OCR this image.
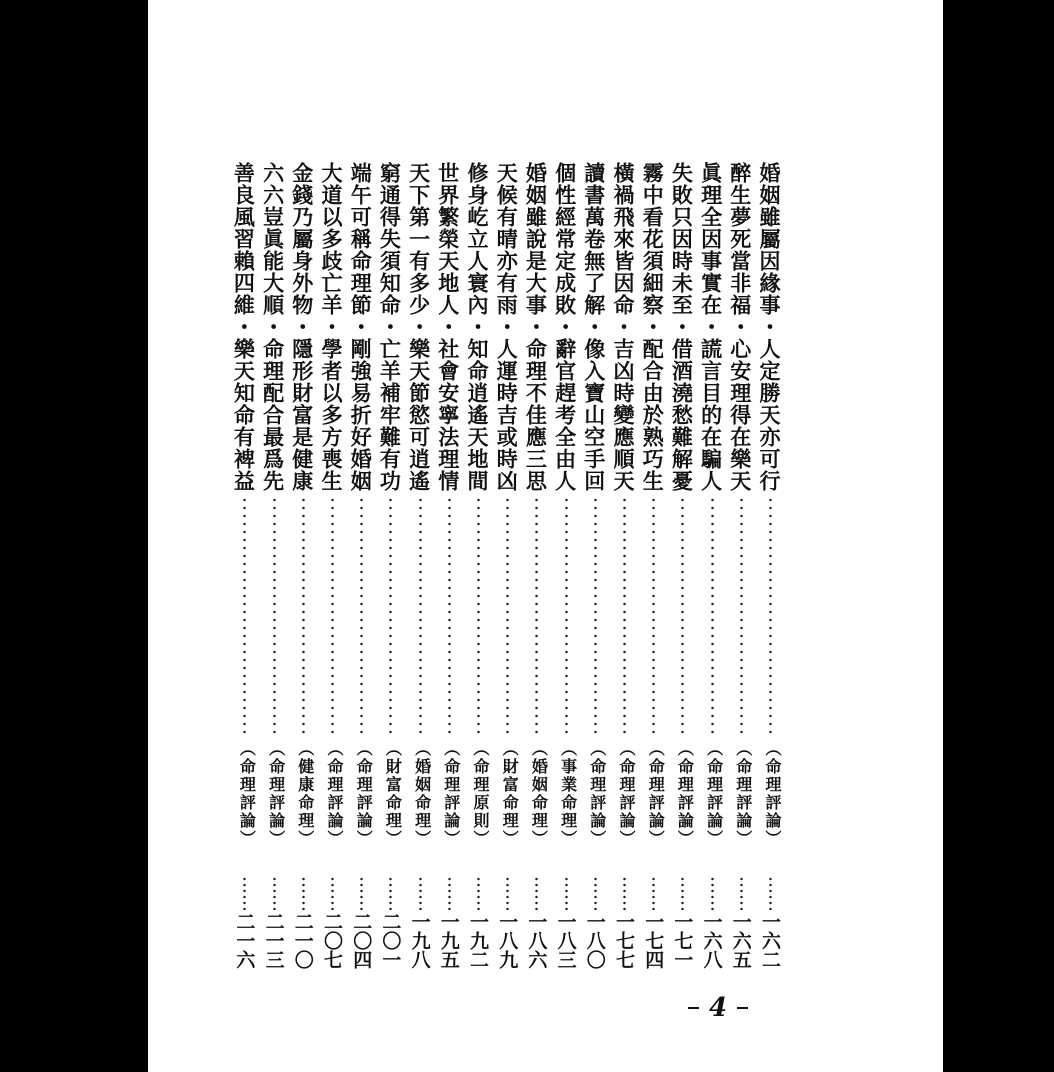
婚姻雖屬因緣事・人定勝天亦可行
（命理評論）
一六二
醉生夢死當非福・心安理得在樂天
（命理評論）
一六五
眞理全因事實在・謊言目的在騙人
（命理評論）
一六八
失敗只因時未至・借酒澆愁難解憂
（命理評論）
一七一
霧中看花須細察・配合由於熟巧生
（命理評論）
一七四
橫禍飛來皆因命・吉凶時變應順天
（命理評論）
一七七
讀書萬卷無了解・像入寶山空手回
（命理評論）
一八〇
個性經常定成敗・辭官趕考全由人
（事業命理）
一八三
婚姻雖說是大事・命理不佳應三思
（婚姻命理）
一八六
天候有晴亦有雨・人運時吉或時凶
（財富命理）
一八九
修身屹立人寰內・知命逍遙天地間
（命理原則）
一九二
世界繁榮天地人・社會安寧法理情
（命理評論）
一九五
天下第一有多少・樂天節慾可逍遙
（婚姻命理）
一九八
窮通得失須知命・亡羊補牢難有功
（財富命理）
二〇一
端午可稱命理節・剛強易折好婚姻
（命理評論）
二〇四
大道以多歧亡羊・學者以多方喪生
（命理評論）
二〇七
金錢乃屬身外物・隱形財富是健康
（健康命理）
二一〇
六六豈眞能大順・命理配合最爲先
（命理評論）
二一三
善良風習賴四維・樂天知命有裨益
（命理評論）
二一六
4
